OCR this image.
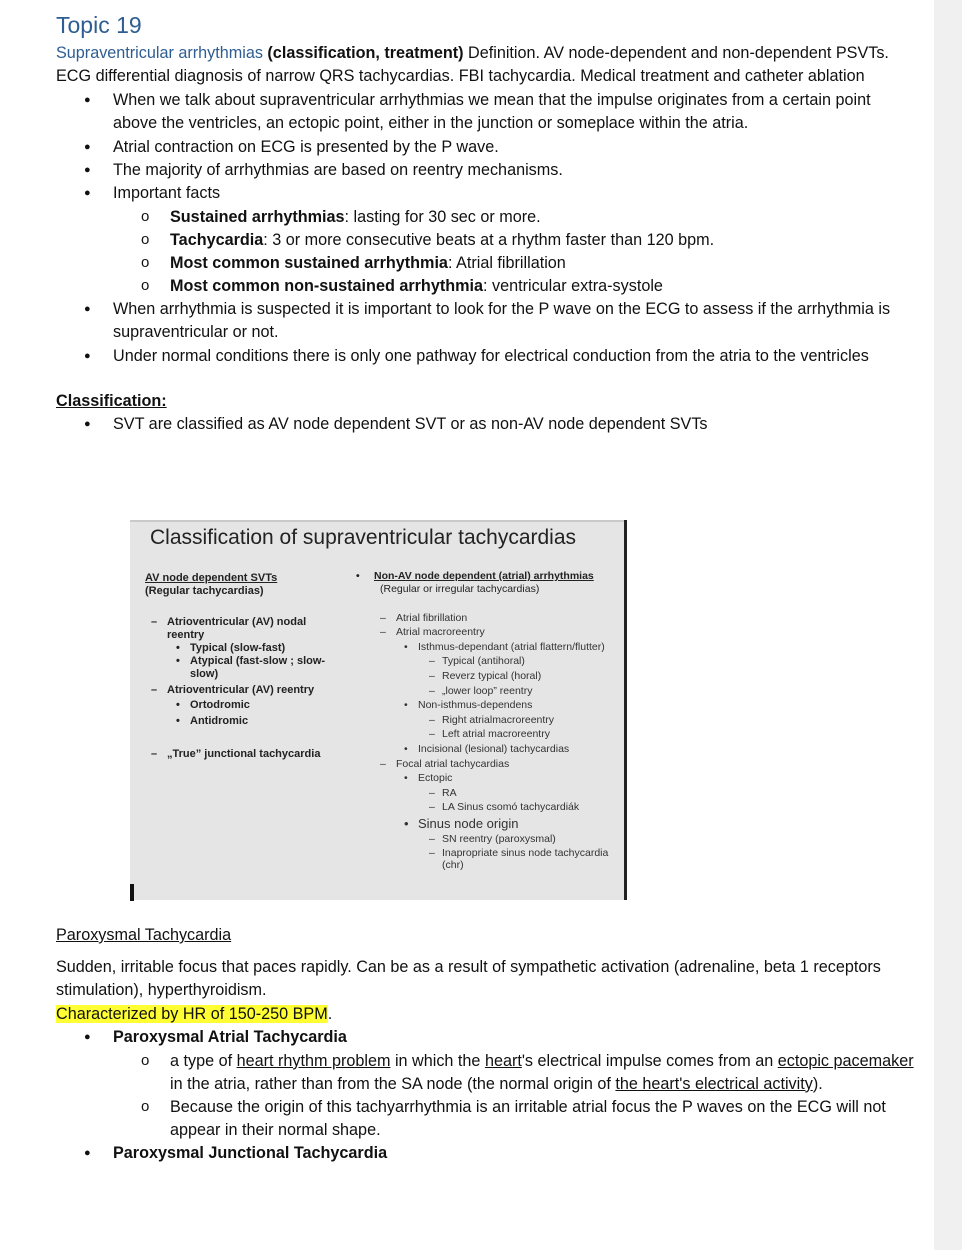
Topic 19
Supraventricular arrhythmias (classification, treatment) Definition. AV node-dependent and non-dependent PSVTs. ECG differential diagnosis of narrow QRS tachycardias. FBI tachycardia. Medical treatment and catheter ablation
● When we talk about supraventricular arrhythmias we mean that the impulse originates from a certain point above the ventricles, an ectopic point, either in the junction or someplace within the atria.
● Atrial contraction on ECG is presented by the P wave.
● The majority of arrhythmias are based on reentry mechanisms.
● Important facts
o Sustained arrhythmias: lasting for 30 sec or more.
o Tachycardia: 3 or more consecutive beats at a rhythm faster than 120 bpm.
o Most common sustained arrhythmia: Atrial fibrillation
o Most common non-sustained arrhythmia: ventricular extra-systole
● When arrhythmia is suspected it is important to look for the P wave on the ECG to assess if the arrhythmia is supraventricular or not.
● Under normal conditions there is only one pathway for electrical conduction from the atria to the ventricles
Classification:
● SVT are classified as AV node dependent SVT or as non-AV node dependent SVTs
Classification of supraventricular tachycardias
AV node dependent SVTs
(Regular tachycardias)
– Atrioventricular (AV) nodal reentry
• Typical (slow-fast)
• Atypical (fast-slow ; slow-slow)
– Atrioventricular (AV) reentry
• Ortodromic
• Antidromic
– „True” junctional tachycardia
• Non-AV node dependent (atrial) arrhythmias
(Regular or irregular tachycardias)
– Atrial fibrillation
– Atrial macroreentry
• Isthmus-dependant (atrial flattern/flutter)
– Typical (antihoral)
– Reverz typical (horal)
– „lower loop” reentry
• Non-isthmus-dependens
– Right atrialmacroreentry
– Left atrial macroreentry
• Incisional (lesional) tachycardias
– Focal atrial tachycardias
• Ectopic
– RA
– LA Sinus csomó tachycardiák
• Sinus node origin
– SN reentry (paroxysmal)
– Inapropriate sinus node tachycardia (chr)
Paroxysmal Tachycardia
Sudden, irritable focus that paces rapidly. Can be as a result of sympathetic activation (adrenaline, beta 1 receptors stimulation), hyperthyroidism.
Characterized by HR of 150-250 BPM.
● Paroxysmal Atrial Tachycardia
o a type of heart rhythm problem in which the heart's electrical impulse comes from an ectopic pacemaker in the atria, rather than from the SA node (the normal origin of the heart's electrical activity).
o Because the origin of this tachyarrhythmia is an irritable atrial focus the P waves on the ECG will not appear in their normal shape.
● Paroxysmal Junctional Tachycardia
